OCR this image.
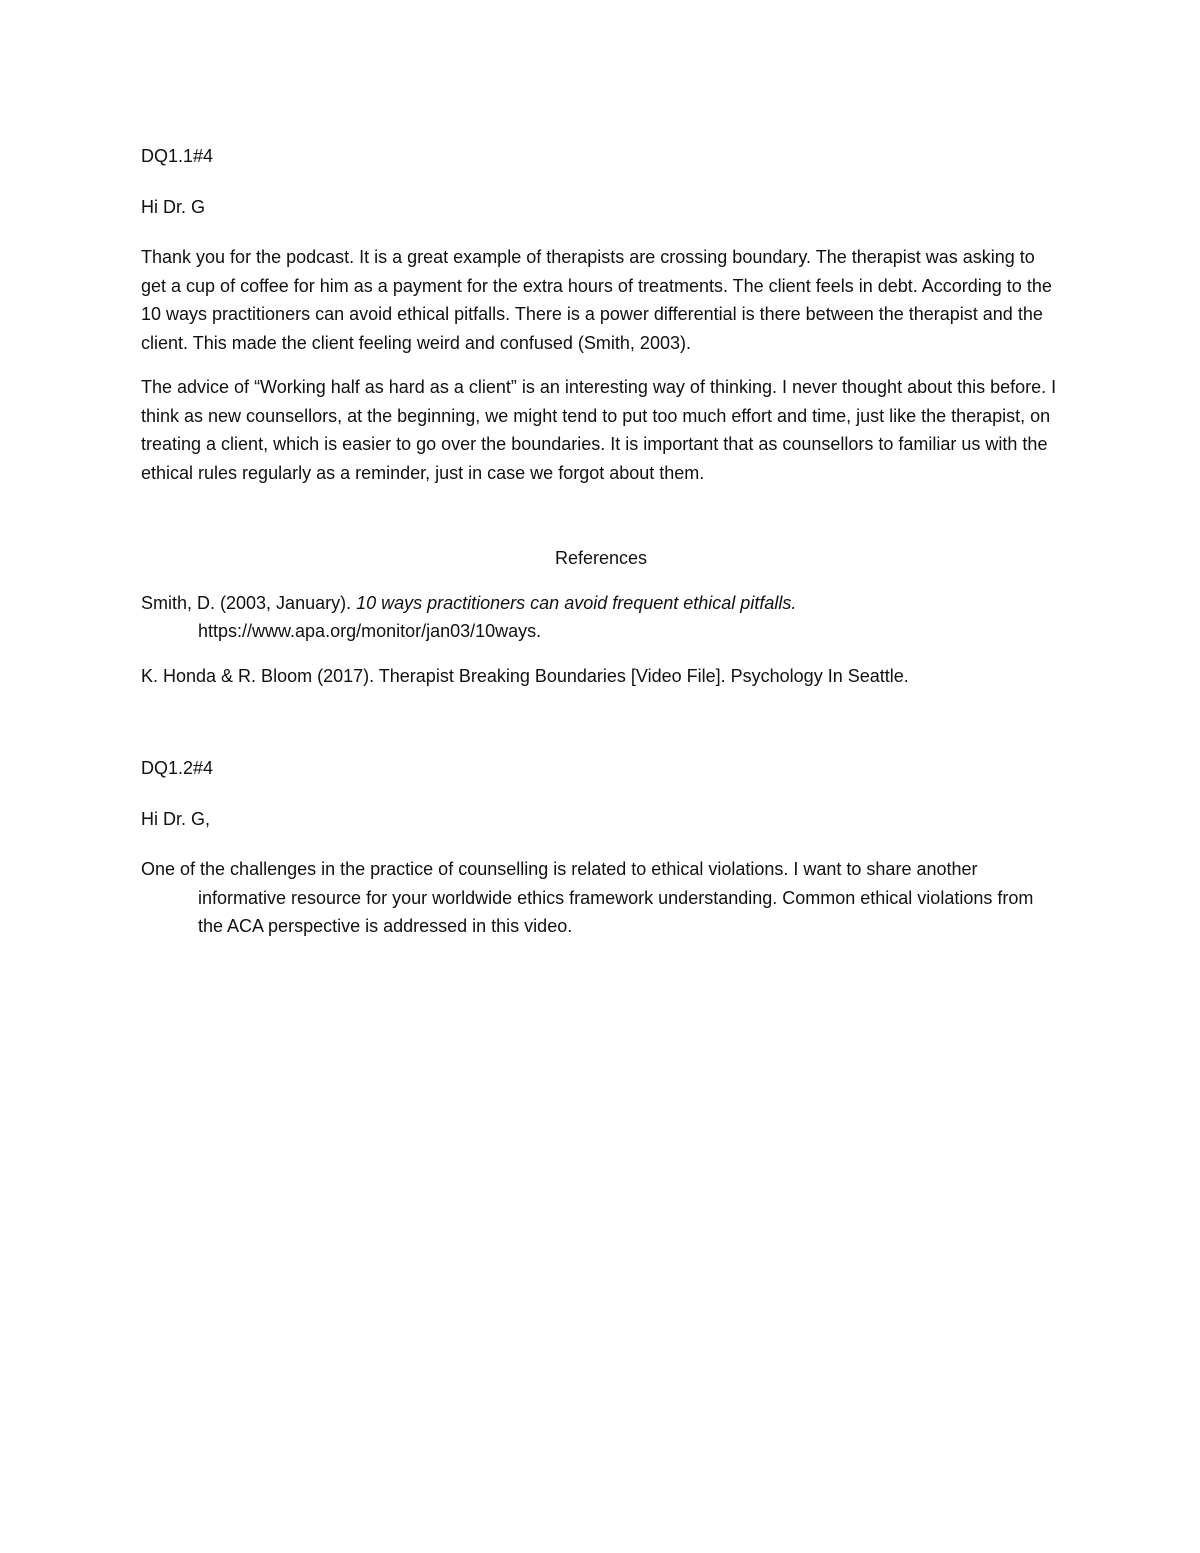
DQ1.1#4

Hi Dr. G

Thank you for the podcast. It is a great example of therapists are crossing boundary. The therapist was asking to get a cup of coffee for him as a payment for the extra hours of treatments. The client feels in debt. According to the 10 ways practitioners can avoid ethical pitfalls. There is a power differential is there between the therapist and the client. This made the client feeling weird and confused (Smith, 2003).

The advice of “Working half as hard as a client” is an interesting way of thinking. I never thought about this before. I think as new counsellors, at the beginning, we might tend to put too much effort and time, just like the therapist, on treating a client, which is easier to go over the boundaries. It is important that as counsellors to familiar us with the ethical rules regularly as a reminder, just in case we forgot about them.

References

Smith, D. (2003, January). 10 ways practitioners can avoid frequent ethical pitfalls. https://www.apa.org/monitor/jan03/10ways.

K. Honda & R. Bloom (2017). Therapist Breaking Boundaries [Video File]. Psychology In Seattle.

DQ1.2#4

Hi Dr. G,

One of the challenges in the practice of counselling is related to ethical violations. I want to share another informative resource for your worldwide ethics framework understanding. Common ethical violations from the ACA perspective is addressed in this video.
